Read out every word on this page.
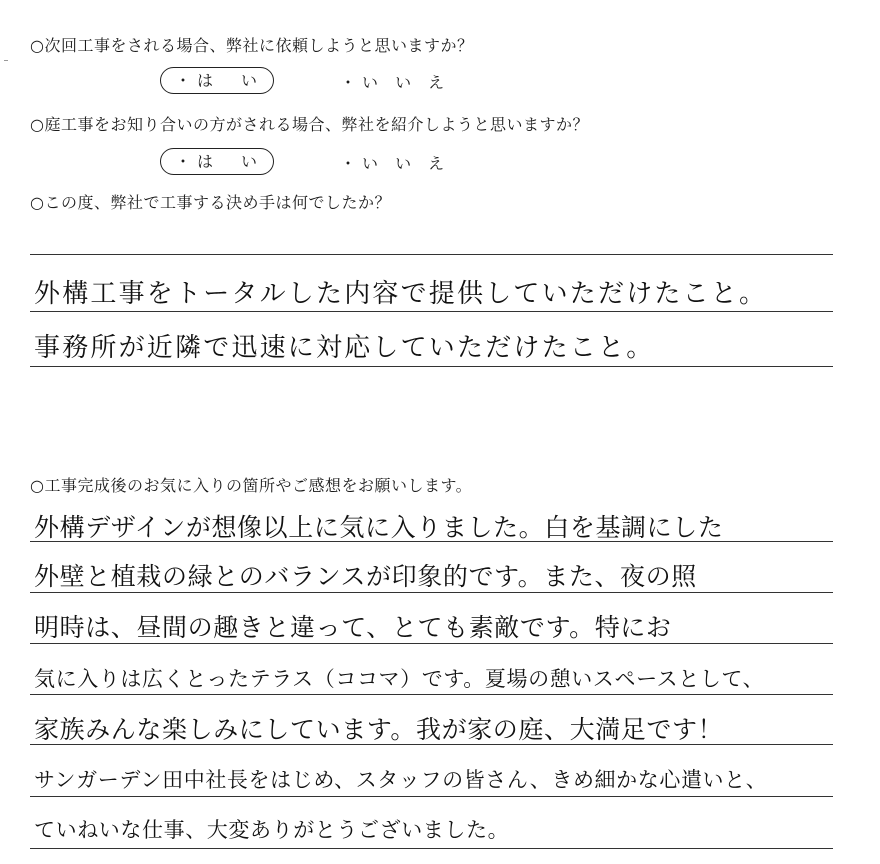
○次回工事をされる場合、弊社に依頼しようと思いますか？
・は　い	・い い え
○庭工事をお知り合いの方がされる場合、弊社を紹介しようと思いますか？
・は　い	・い い え
○この度、弊社で工事する決め手は何でしたか？
外構工事をトータルした内容で提供していただけたこと。
事務所が近隣で迅速に対応していただけたこと。
○工事完成後のお気に入りの箇所やご感想をお願いします。
外構デザインが想像以上に気に入りました。白を基調にした
外壁と植栽の緑とのバランスが印象的です。また、夜の照
明時は、昼間の趣きと違って、とても素敵です。特にお
気に入りは広くとったテラス（ココマ）です。夏場の憩いスペースとして、
家族みんな楽しみにしています。我が家の庭、大満足です！
サンガーデン田中社長をはじめ、スタッフの皆さん、きめ細かな心遣いと、
ていねいな仕事、大変ありがとうございました。
